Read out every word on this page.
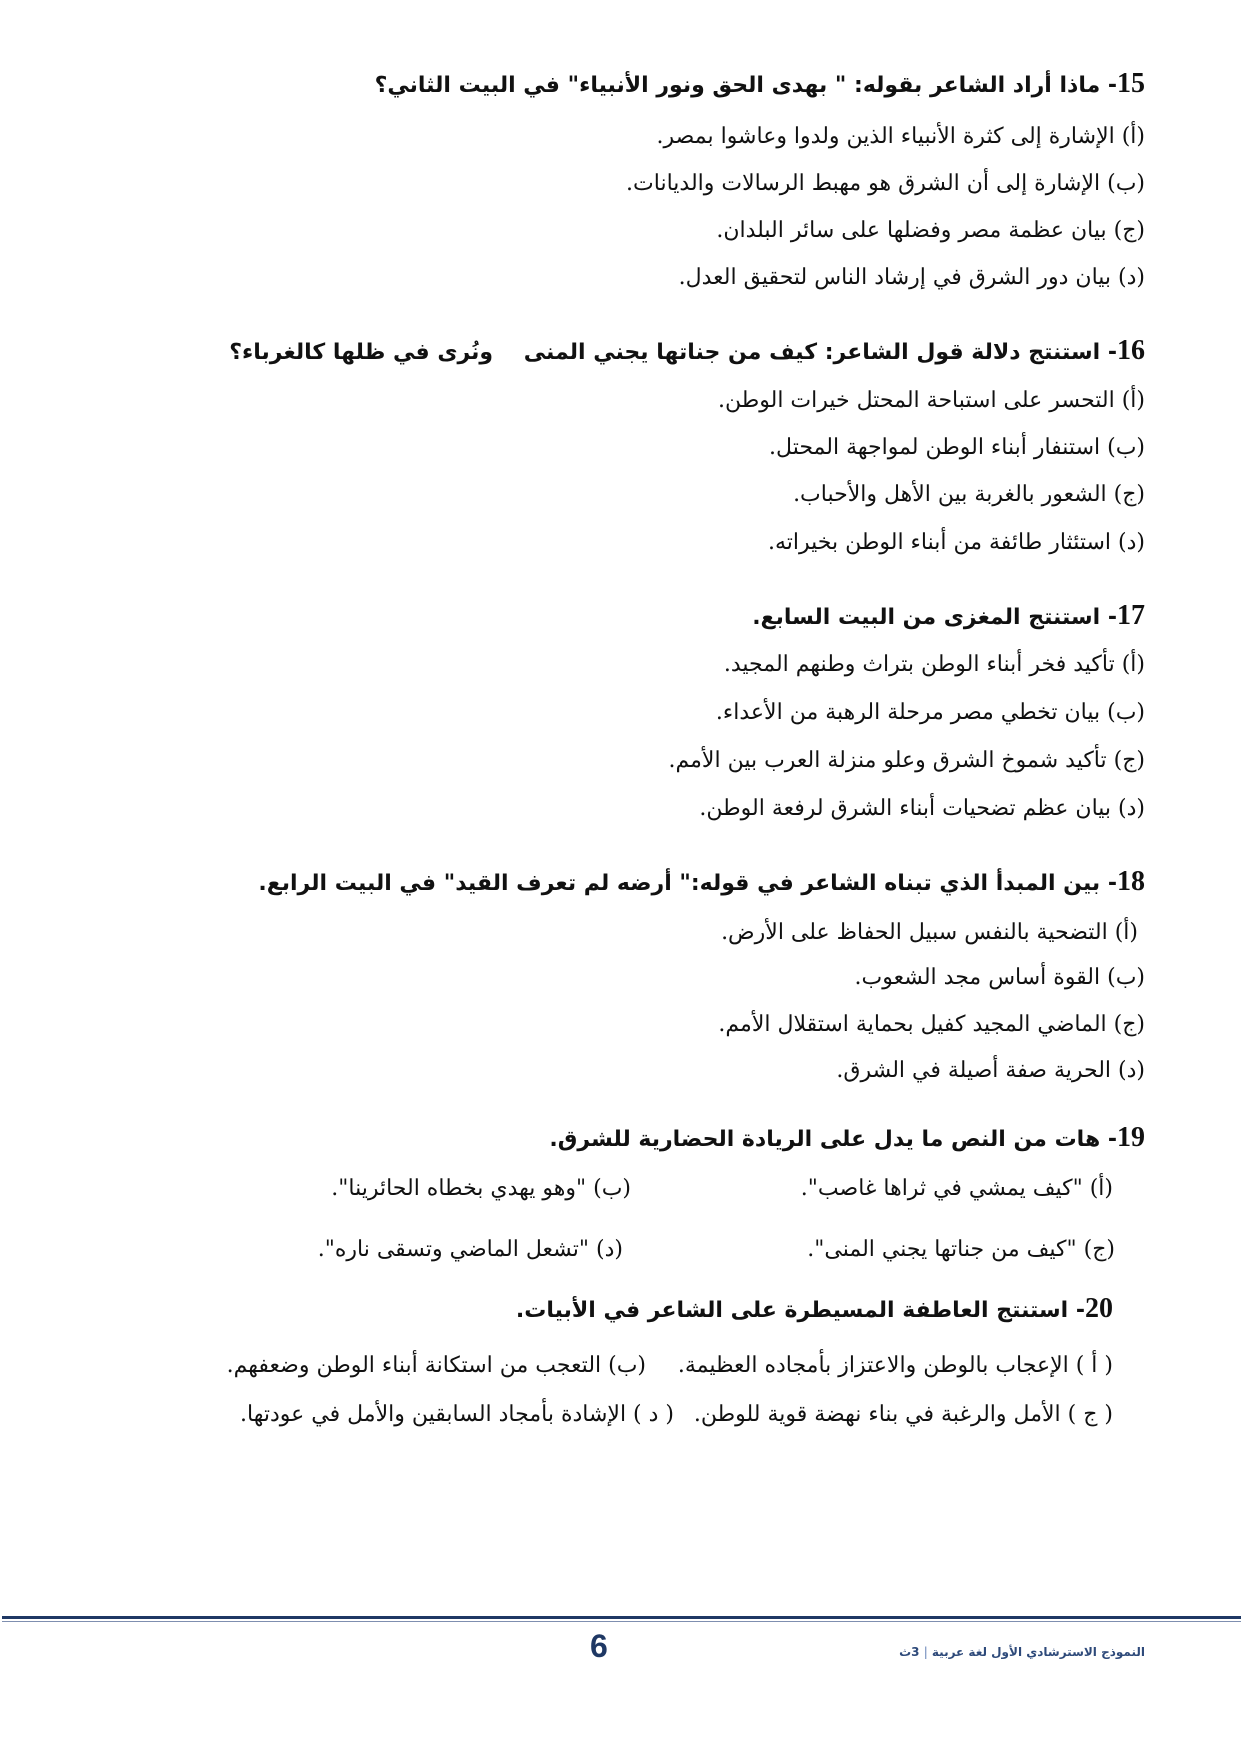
15- ماذا أراد الشاعر بقوله: " بهدى الحق ونور الأنبياء" في البيت الثاني؟
(أ) الإشارة إلى كثرة الأنبياء الذين ولدوا وعاشوا بمصر.
(ب) الإشارة إلى أن الشرق هو مهبط الرسالات والديانات.
(ج) بيان عظمة مصر وفضلها على سائر البلدان.
(د) بيان دور الشرق في إرشاد الناس لتحقيق العدل.
16- استنتج دلالة قول الشاعر: كيف من جناتها يجني المنى    ونُرى في ظلها كالغرباء؟
(أ) التحسر على استباحة المحتل خيرات الوطن.
(ب) استنفار أبناء الوطن لمواجهة المحتل.
(ج) الشعور بالغربة بين الأهل والأحباب.
(د) استئثار طائفة من أبناء الوطن بخيراته.
17- استنتج المغزى من البيت السابع.
(أ) تأكيد فخر أبناء الوطن بتراث وطنهم المجيد.
(ب) بيان تخطي مصر مرحلة الرهبة من الأعداء.
(ج) تأكيد شموخ الشرق وعلو منزلة العرب بين الأمم.
(د) بيان عظم تضحيات أبناء الشرق لرفعة الوطن.
18- بين المبدأ الذي تبناه الشاعر في قوله:" أرضه لم تعرف القيد" في البيت الرابع.
(أ) التضحية بالنفس سبيل الحفاظ على الأرض.
(ب) القوة أساس مجد الشعوب.
(ج) الماضي المجيد كفيل بحماية استقلال الأمم.
(د) الحرية صفة أصيلة في الشرق.
19- هات من النص ما يدل على الريادة الحضارية للشرق.
(أ) "كيف يمشي في ثراها غاصب".
(ب) "وهو يهدي بخطاه الحائرينا".
(ج) "كيف من جناتها يجني المنى".
(د) "تشعل الماضي وتسقى ناره".
20- استنتج العاطفة المسيطرة على الشاعر في الأبيات.
( أ ) الإعجاب بالوطن والاعتزاز بأمجاده العظيمة.
(ب) التعجب من استكانة أبناء الوطن وضعفهم.
( ج ) الأمل والرغبة في بناء نهضة قوية للوطن.
( د ) الإشادة بأمجاد السابقين والأمل في عودتها.
6	النموذج الاسترشادي الأول لغة عربية|3ث
